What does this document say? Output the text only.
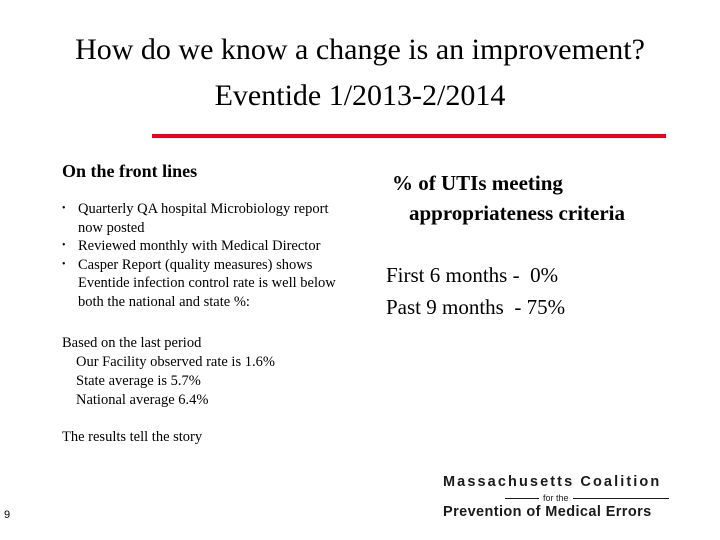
How do we know a change is an improvement?
Eventide 1/2013-2/2014
On the front lines
• Quarterly QA hospital Microbiology report now posted
• Reviewed monthly with Medical Director
• Casper Report (quality measures) shows Eventide infection control rate is well below both the national and state %:
Based on the last period
Our Facility observed rate is 1.6%
State average is 5.7%
National average 6.4%
The results tell the story
% of UTIs meeting
appropriateness criteria
First 6 months -  0%
Past 9 months  - 75%
9
Massachusetts Coalition
for the
Prevention of Medical Errors
